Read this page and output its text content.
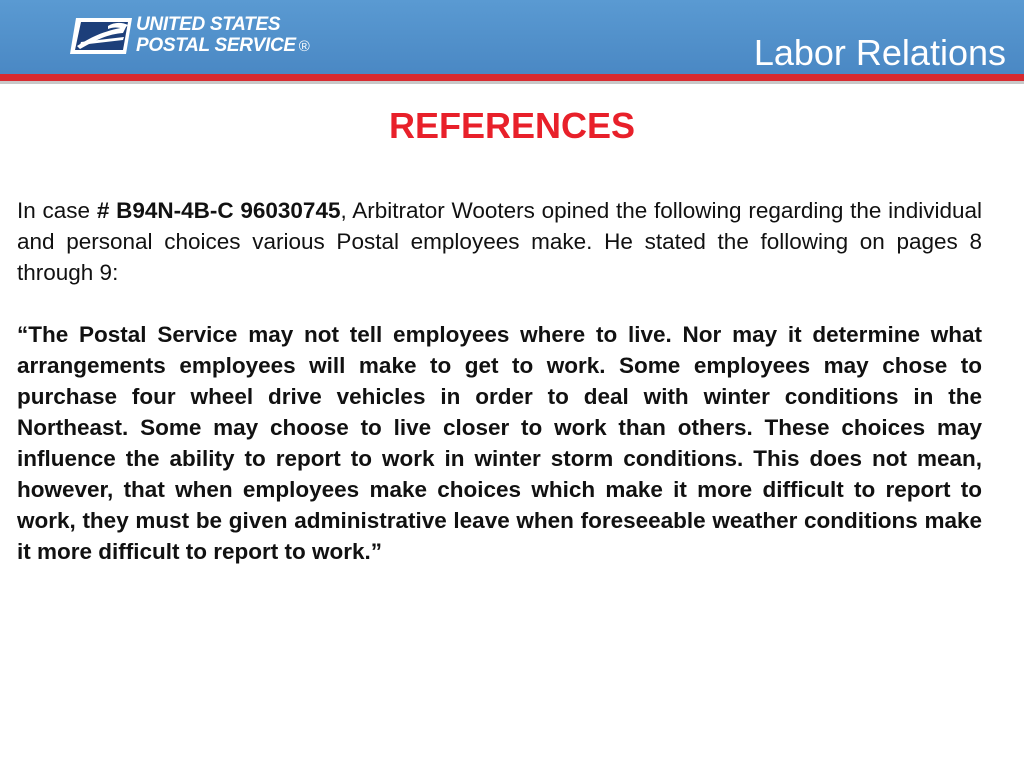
UNITED STATES
POSTAL SERVICE ®	Labor Relations
REFERENCES

In case # B94N-4B-C 96030745, Arbitrator Wooters opined the following regarding the individual and personal choices various Postal employees make. He stated the following on pages 8 through 9:

“The Postal Service may not tell employees where to live. Nor may it determine what arrangements employees will make to get to work. Some employees may chose to purchase four wheel drive vehicles in order to deal with winter conditions in the Northeast. Some may choose to live closer to work than others. These choices may influence the ability to report to work in winter storm conditions. This does not mean, however, that when employees make choices which make it more difficult to report to work, they must be given administrative leave when foreseeable weather conditions make it more difficult to report to work.”
